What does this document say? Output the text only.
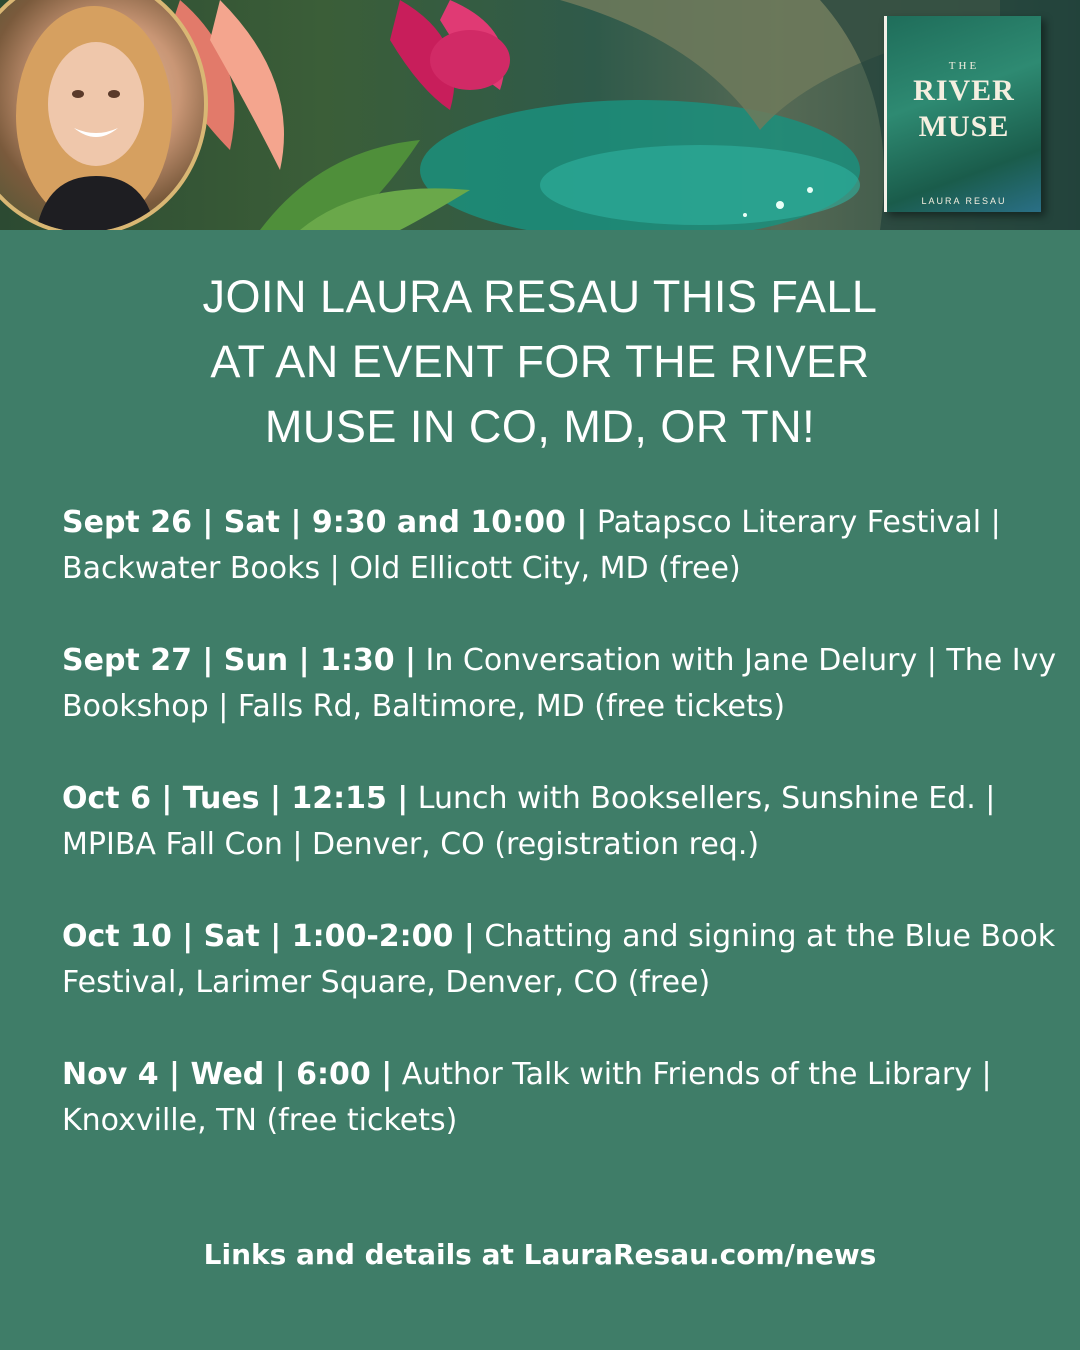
THE
RIVER
MUSE
LAURA RESAU
JOIN LAURA RESAU THIS FALL
AT AN EVENT FOR THE RIVER
MUSE IN CO, MD, OR TN!
Sept 26 | Sat | 9:30 and 10:00 | Patapsco Literary Festival |
Backwater Books | Old Ellicott City, MD (free)
Sept 27 | Sun | 1:30 | In Conversation with Jane Delury | The Ivy
Bookshop | Falls Rd, Baltimore, MD (free tickets)
Oct 6 | Tues | 12:15 | Lunch with Booksellers, Sunshine Ed. |
MPIBA Fall Con | Denver, CO (registration req.)
Oct 10 | Sat | 1:00-2:00 | Chatting and signing at the Blue Book
Festival, Larimer Square, Denver, CO (free)
Nov 4 | Wed | 6:00 | Author Talk with Friends of the Library |
Knoxville, TN (free tickets)
Links and details at LauraResau.com/news
